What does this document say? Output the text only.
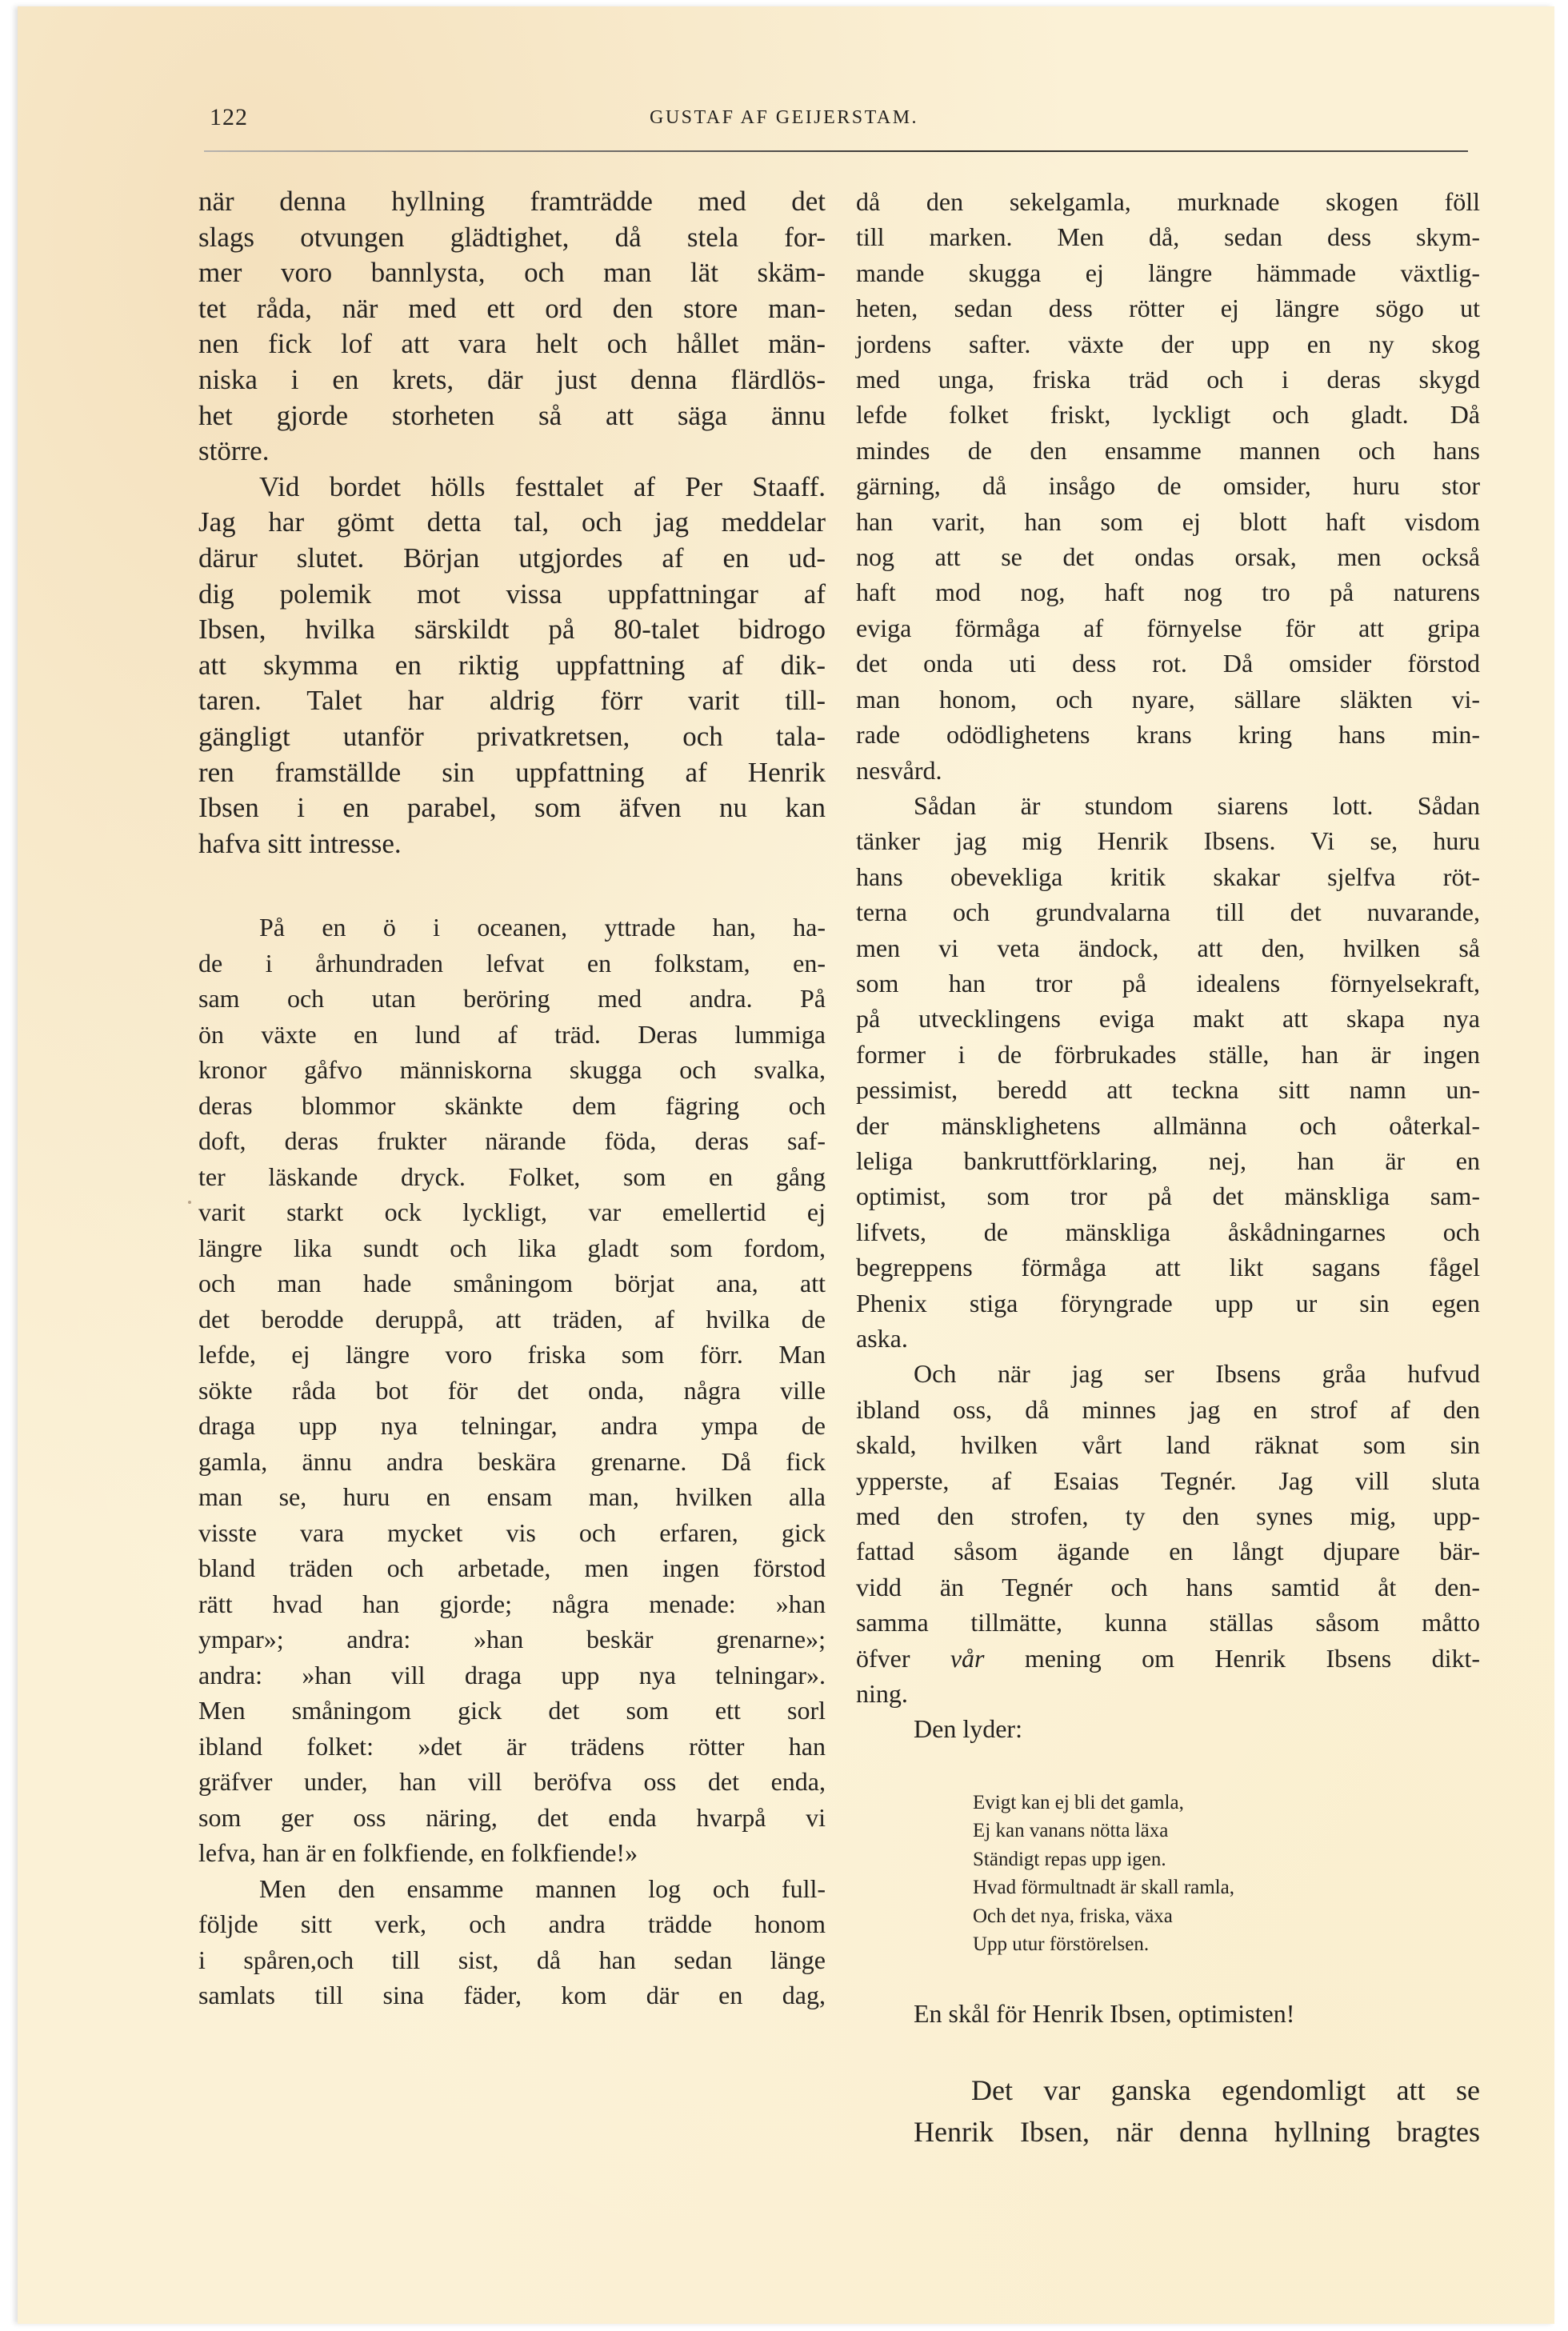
122	GUSTAF AF GEIJERSTAM.
när denna hyllning framträdde med det
slags otvungen glädtighet, då stela for-
mer voro bannlysta, och man lät skäm-
tet råda, när med ett ord den store man-
nen fick lof att vara helt och hållet män-
niska i en krets, där just denna flärdlös-
het gjorde storheten så att säga ännu
större.
Vid bordet hölls festtalet af Per Staaff.
Jag har gömt detta tal, och jag meddelar
därur slutet. Början utgjordes af en ud-
dig polemik mot vissa uppfattningar af
Ibsen, hvilka särskildt på 80-talet bidrogo
att skymma en riktig uppfattning af dik-
taren. Talet har aldrig förr varit till-
gängligt utanför privatkretsen, och tala-
ren framställde sin uppfattning af Henrik
Ibsen i en parabel, som äfven nu kan
hafva sitt intresse.
På en ö i oceanen, yttrade han, ha-
de i århundraden lefvat en folkstam, en-
sam och utan beröring med andra. På
ön växte en lund af träd. Deras lummiga
kronor gåfvo människorna skugga och svalka,
deras blommor skänkte dem fägring och
doft, deras frukter närande föda, deras saf-
ter läskande dryck. Folket, som en gång
varit starkt ock lyckligt, var emellertid ej
längre lika sundt och lika gladt som fordom,
och man hade småningom börjat ana, att
det berodde deruppå, att träden, af hvilka de
lefde, ej längre voro friska som förr. Man
sökte råda bot för det onda, några ville
draga upp nya telningar, andra ympa de
gamla, ännu andra beskära grenarne. Då fick
man se, huru en ensam man, hvilken alla
visste vara mycket vis och erfaren, gick
bland träden och arbetade, men ingen förstod
rätt hvad han gjorde; några menade: »han
ympar»; andra: »han beskär grenarne»;
andra: »han vill draga upp nya telningar».
Men småningom gick det som ett sorl
ibland folket: »det är trädens rötter han
gräfver under, han vill beröfva oss det enda,
som ger oss näring, det enda hvarpå vi
lefva, han är en folkfiende, en folkfiende!»
Men den ensamme mannen log och full-
följde sitt verk, och andra trädde honom
i spåren,och till sist, då han sedan länge
samlats till sina fäder, kom där en dag,
då den sekelgamla, murknade skogen föll
till marken. Men då, sedan dess skym-
mande skugga ej längre hämmade växtlig-
heten, sedan dess rötter ej längre sögo ut
jordens safter. växte der upp en ny skog
med unga, friska träd och i deras skygd
lefde folket friskt, lyckligt och gladt. Då
mindes de den ensamme mannen och hans
gärning, då insågo de omsider, huru stor
han varit, han som ej blott haft visdom
nog att se det ondas orsak, men också
haft mod nog, haft nog tro på naturens
eviga förmåga af förnyelse för att gripa
det onda uti dess rot. Då omsider förstod
man honom, och nyare, sällare släkten vi-
rade odödlighetens krans kring hans min-
nesvård.
Sådan är stundom siarens lott. Sådan
tänker jag mig Henrik Ibsens. Vi se, huru
hans obevekliga kritik skakar sjelfva röt-
terna och grundvalarna till det nuvarande,
men vi veta ändock, att den, hvilken så
som han tror på idealens förnyelsekraft,
på utvecklingens eviga makt att skapa nya
former i de förbrukades ställe, han är ingen
pessimist, beredd att teckna sitt namn un-
der mänsklighetens allmänna och oåterkal-
leliga bankruttförklaring, nej, han är en
optimist, som tror på det mänskliga sam-
lifvets, de mänskliga åskådningarnes och
begreppens förmåga att likt sagans fågel
Phenix stiga föryngrade upp ur sin egen
aska.
Och när jag ser Ibsens gråa hufvud
ibland oss, då minnes jag en strof af den
skald, hvilken vårt land räknat som sin
ypperste, af Esaias Tegnér. Jag vill sluta
med den strofen, ty den synes mig, upp-
fattad såsom ägande en långt djupare bär-
vidd än Tegnér och hans samtid åt den-
samma tillmätte, kunna ställas såsom måtto
öfver vår mening om Henrik Ibsens dikt-
ning.
Den lyder:
Evigt kan ej bli det gamla,
Ej kan vanans nötta läxa
Ständigt repas upp igen.
Hvad förmultnadt är skall ramla,
Och det nya, friska, växa
Upp utur förstörelsen.
En skål för Henrik Ibsen, optimisten!
Det var ganska egendomligt att se
Henrik Ibsen, när denna hyllning bragtes
